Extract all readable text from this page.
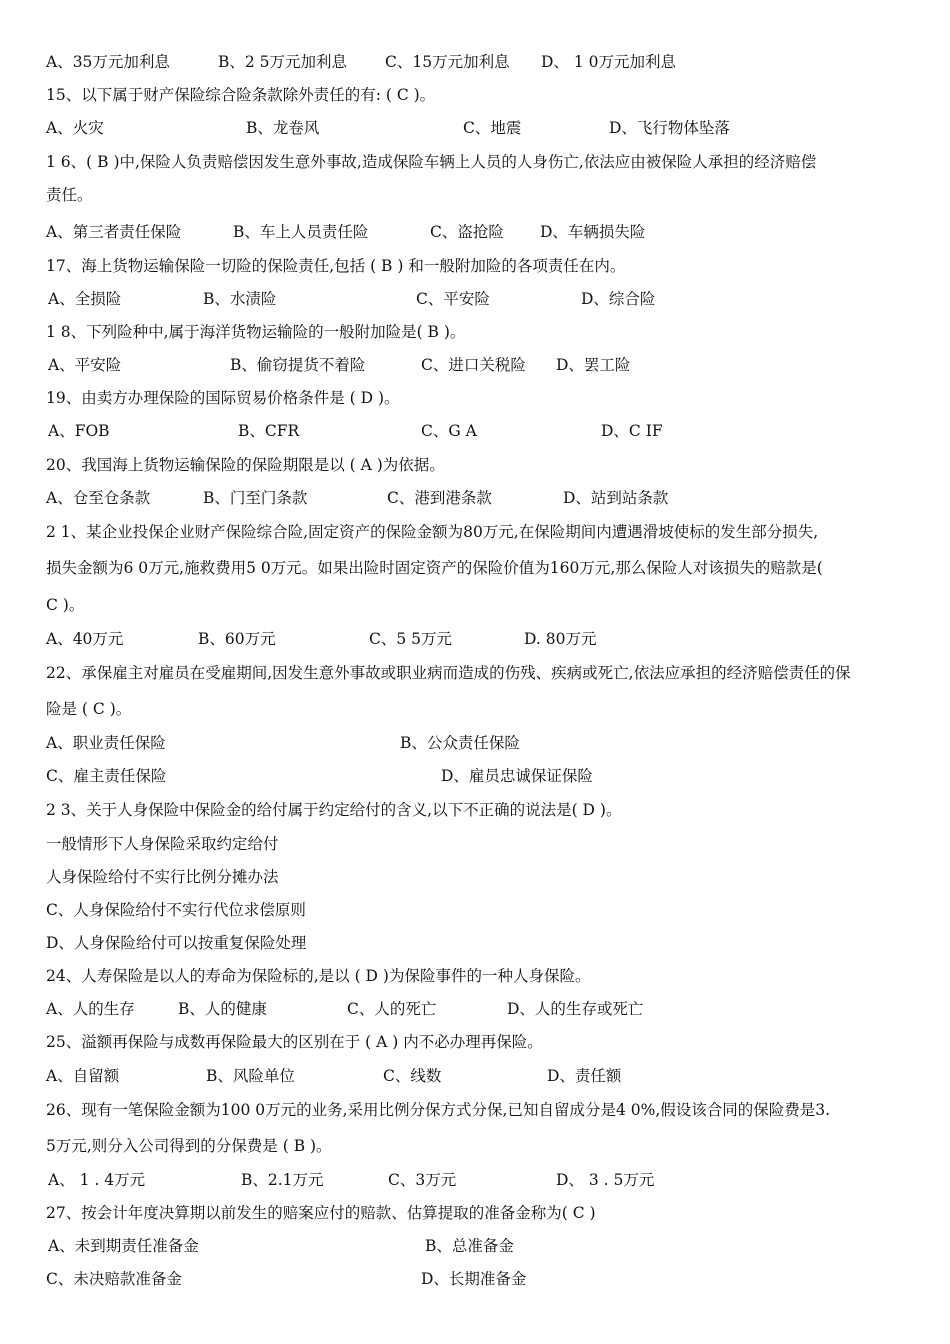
A、35万元加利息	B、2 5万元加利息 C、15万元加利息 D、 1 0万元加利息
15、以下属于财产保险综合险条款除外责任的有: ( C )。
A、火灾	B、龙卷风	C、地震	D、飞行物体坠落
1 6、( B )中,保险人负责赔偿因发生意外事故,造成保险车辆上人员的人身伤亡,依法应由被保险人承担的经济赔偿
责任。
A、第三者责任保险	B、车上人员责任险	C、盗抢险 D、车辆损失险
17、海上货物运输保险一切险的保险责任,包括 ( B ) 和一般附加险的各项责任在内。
A、全损险	B、水渍险	C、平安险	D、综合险
1 8、下列险种中,属于海洋货物运输险的一般附加险是( B )。
A、平安险	B、偷窃提货不着险	C、进口关税险 D、罢工险
19、由卖方办理保险的国际贸易价格条件是 ( D )。
A、FOB	B、CFR	C、G A	D、C IF
20、我国海上货物运输保险的保险期限是以 ( A )为依据。
A、仓至仓条款	B、门至门条款	C、港到港条款	D、站到站条款
2 1、某企业投保企业财产保险综合险,固定资产的保险金额为80万元,在保险期间内遭遇滑坡使标的发生部分损失,
损失金额为6 0万元,施救费用5 0万元。如果出险时固定资产的保险价值为160万元,那么保险人对该损失的赔款是(
C )。
A、40万元	B、60万元	C、5 5万元	D. 80万元
22、承保雇主对雇员在受雇期间,因发生意外事故或职业病而造成的伤残、疾病或死亡,依法应承担的经济赔偿责任的保
险是 ( C )。
A、职业责任保险	B、公众责任保险
C、雇主责任保险	D、雇员忠诚保证保险
2 3、关于人身保险中保险金的给付属于约定给付的含义,以下不正确的说法是( D )。
一般情形下人身保险采取约定给付
人身保险给付不实行比例分摊办法
C、人身保险给付不实行代位求偿原则
D、人身保险给付可以按重复保险处理
24、人寿保险是以人的寿命为保险标的,是以 ( D )为保险事件的一种人身保险。
A、人的生存	B、人的健康	C、人的死亡	D、人的生存或死亡
25、溢额再保险与成数再保险最大的区别在于 ( A ) 内不必办理再保险。
A、自留额	B、风险单位	C、线数	D、责任额
26、现有一笔保险金额为100 0万元的业务,采用比例分保方式分保,已知自留成分是4 0%,假设该合同的保险费是3.
5万元,则分入公司得到的分保费是 ( B )。
A、 1 . 4万元	B、2.1万元	C、3万元	D、 3 . 5万元
27、按会计年度决算期以前发生的赔案应付的赔款、估算提取的准备金称为( C )
A、未到期责任准备金	B、总准备金
C、未决赔款准备金	D、长期准备金
